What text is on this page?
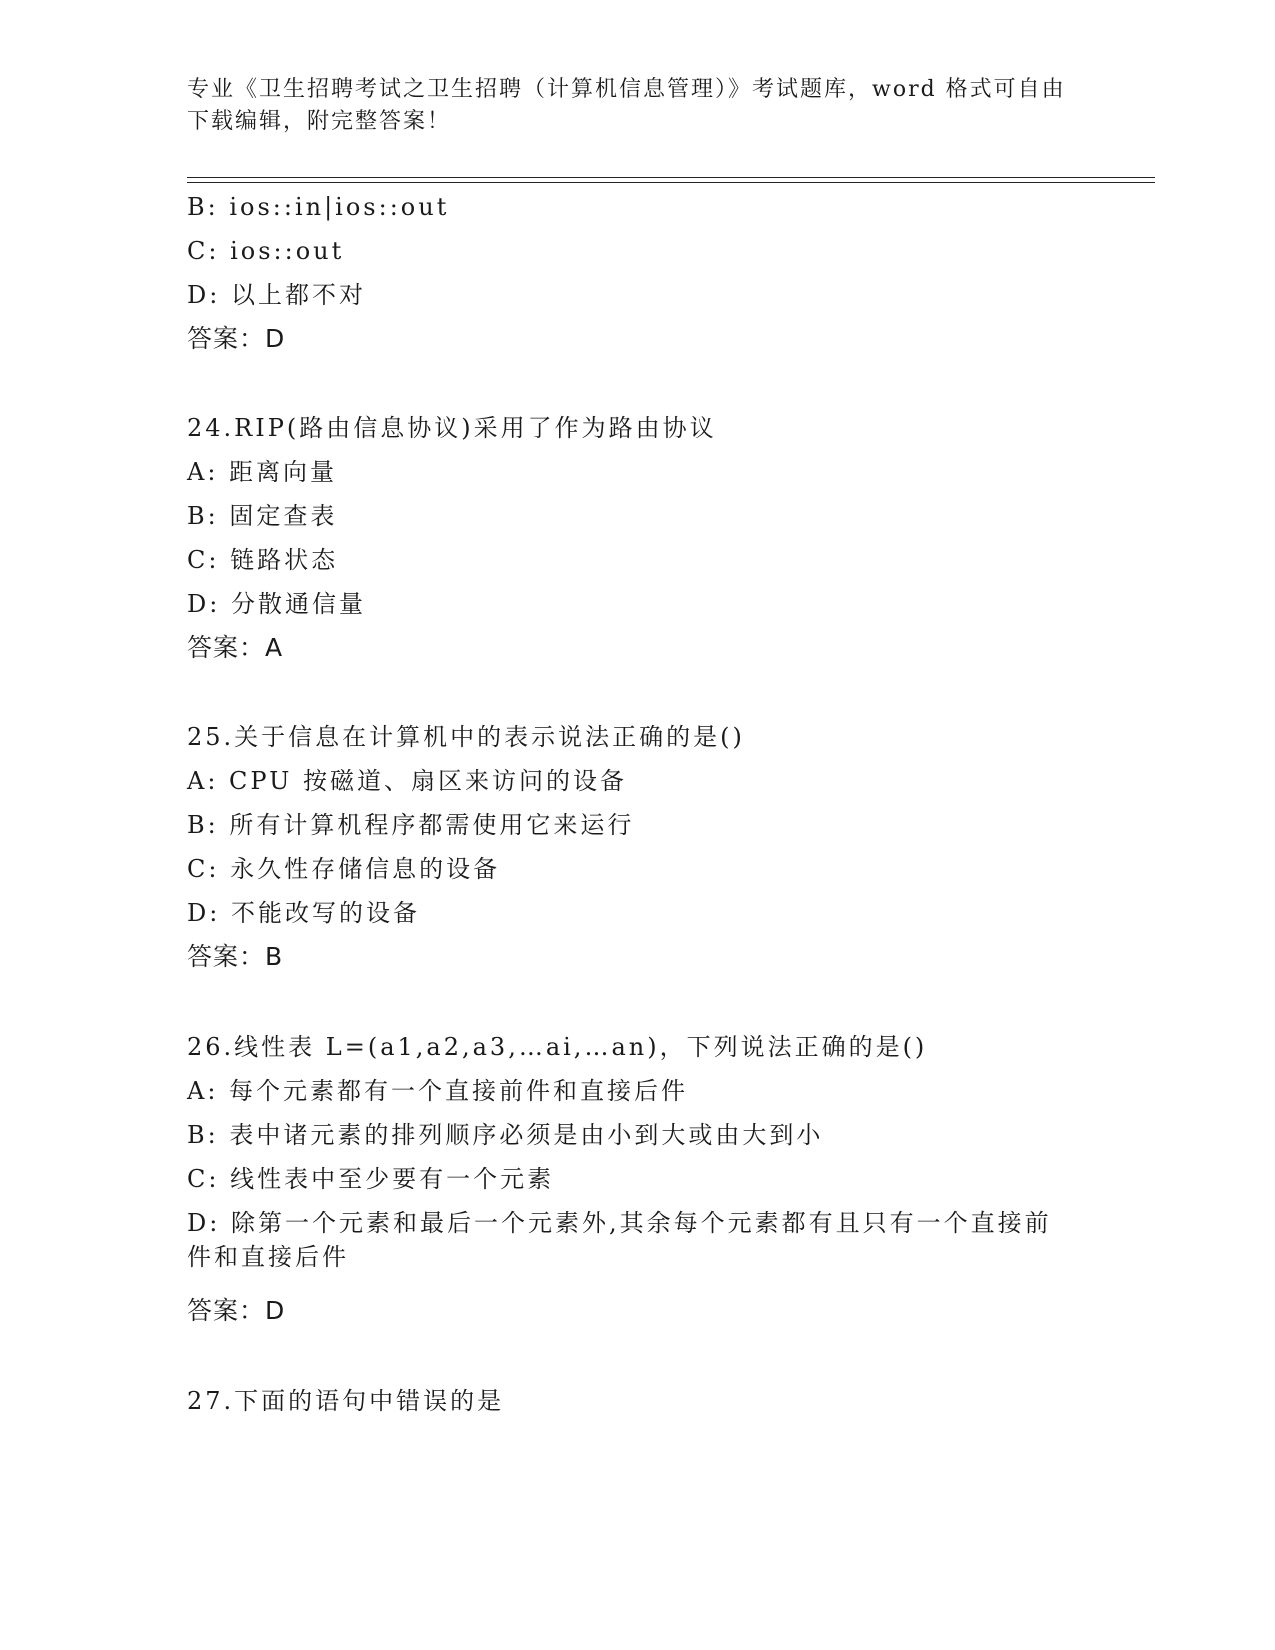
专业《卫生招聘考试之卫生招聘（计算机信息管理）》考试题库，word 格式可自由下载编辑，附完整答案！
B: ios::in|ios::out
C: ios::out
D: 以上都不对
答案：D
24.RIP(路由信息协议)采用了作为路由协议
A: 距离向量
B: 固定查表
C: 链路状态
D: 分散通信量
答案：A
25.关于信息在计算机中的表示说法正确的是()
A: CPU 按磁道、扇区来访问的设备
B: 所有计算机程序都需使用它来运行
C: 永久性存储信息的设备
D: 不能改写的设备
答案：B
26.线性表 L=(a1,a2,a3,…ai,…an)，下列说法正确的是()
A: 每个元素都有一个直接前件和直接后件
B: 表中诸元素的排列顺序必须是由小到大或由大到小
C: 线性表中至少要有一个元素
D: 除第一个元素和最后一个元素外,其余每个元素都有且只有一个直接前件和直接后件
答案：D
27.下面的语句中错误的是
